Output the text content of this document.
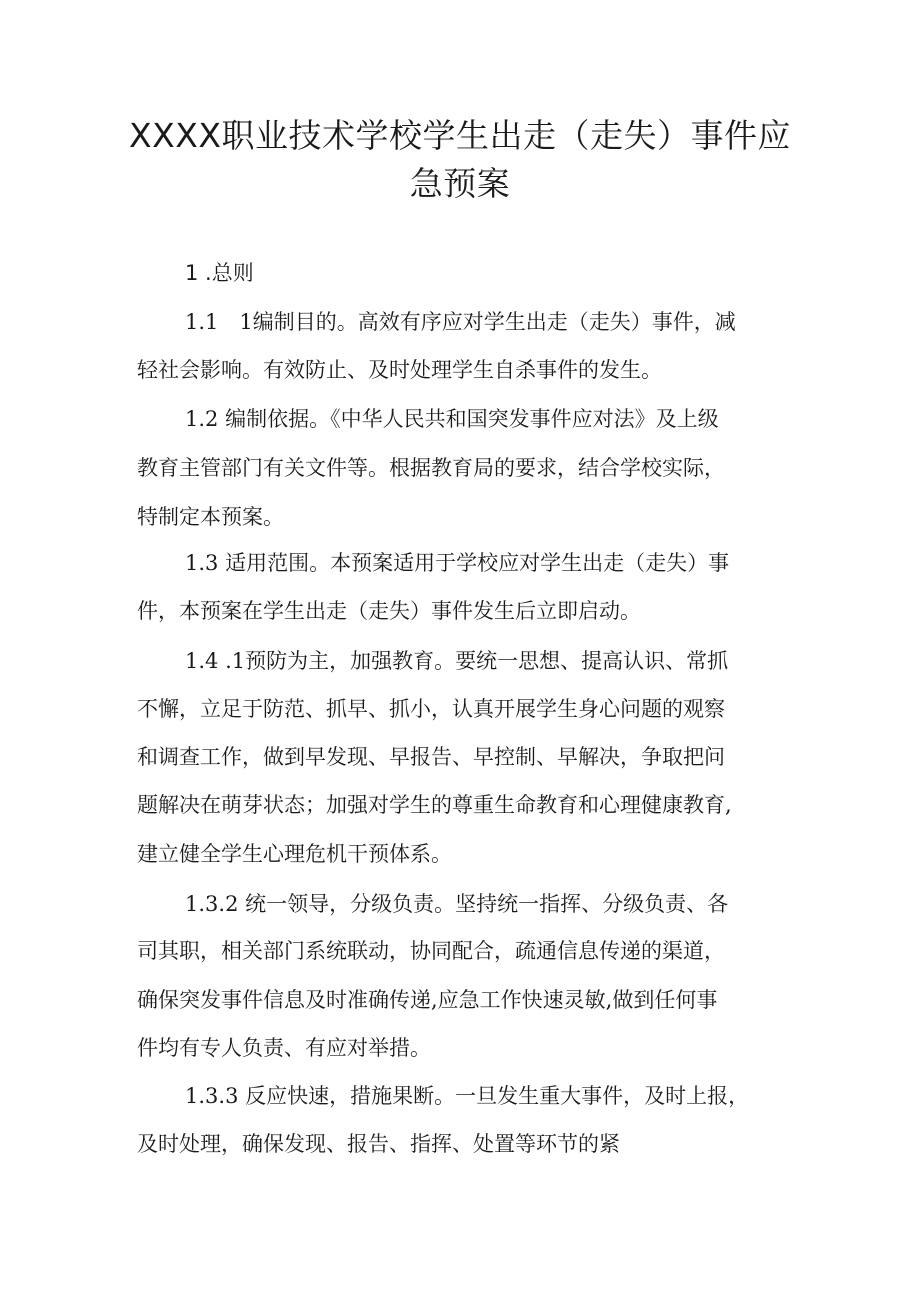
XXXX职业技术学校学生出走（走失）事件应
急预案
1 .总则
1.1　1编制目的。高效有序应对学生出走（走失）事件，减
轻社会影响。有效防止、及时处理学生自杀事件的发生。
1.2 编制依据。《中华人民共和国突发事件应对法》及上级
教育主管部门有关文件等。根据教育局的要求，结合学校实际，
特制定本预案。
1.3 适用范围。本预案适用于学校应对学生出走（走失）事
件，本预案在学生出走（走失）事件发生后立即启动。
1.4 .1预防为主，加强教育。要统一思想、提高认识、常抓
不懈，立足于防范、抓早、抓小，认真开展学生身心问题的观察
和调查工作，做到早发现、早报告、早控制、早解决，争取把问
题解决在萌芽状态；加强对学生的尊重生命教育和心理健康教育,
建立健全学生心理危机干预体系。
1.3.2 统一领导，分级负责。坚持统一指挥、分级负责、各
司其职，相关部门系统联动，协同配合，疏通信息传递的渠道，
确保突发事件信息及时准确传递,应急工作快速灵敏,做到任何事
件均有专人负责、有应对举措。
1.3.3 反应快速，措施果断。一旦发生重大事件，及时上报，
及时处理，确保发现、报告、指挥、处置等环节的紧
